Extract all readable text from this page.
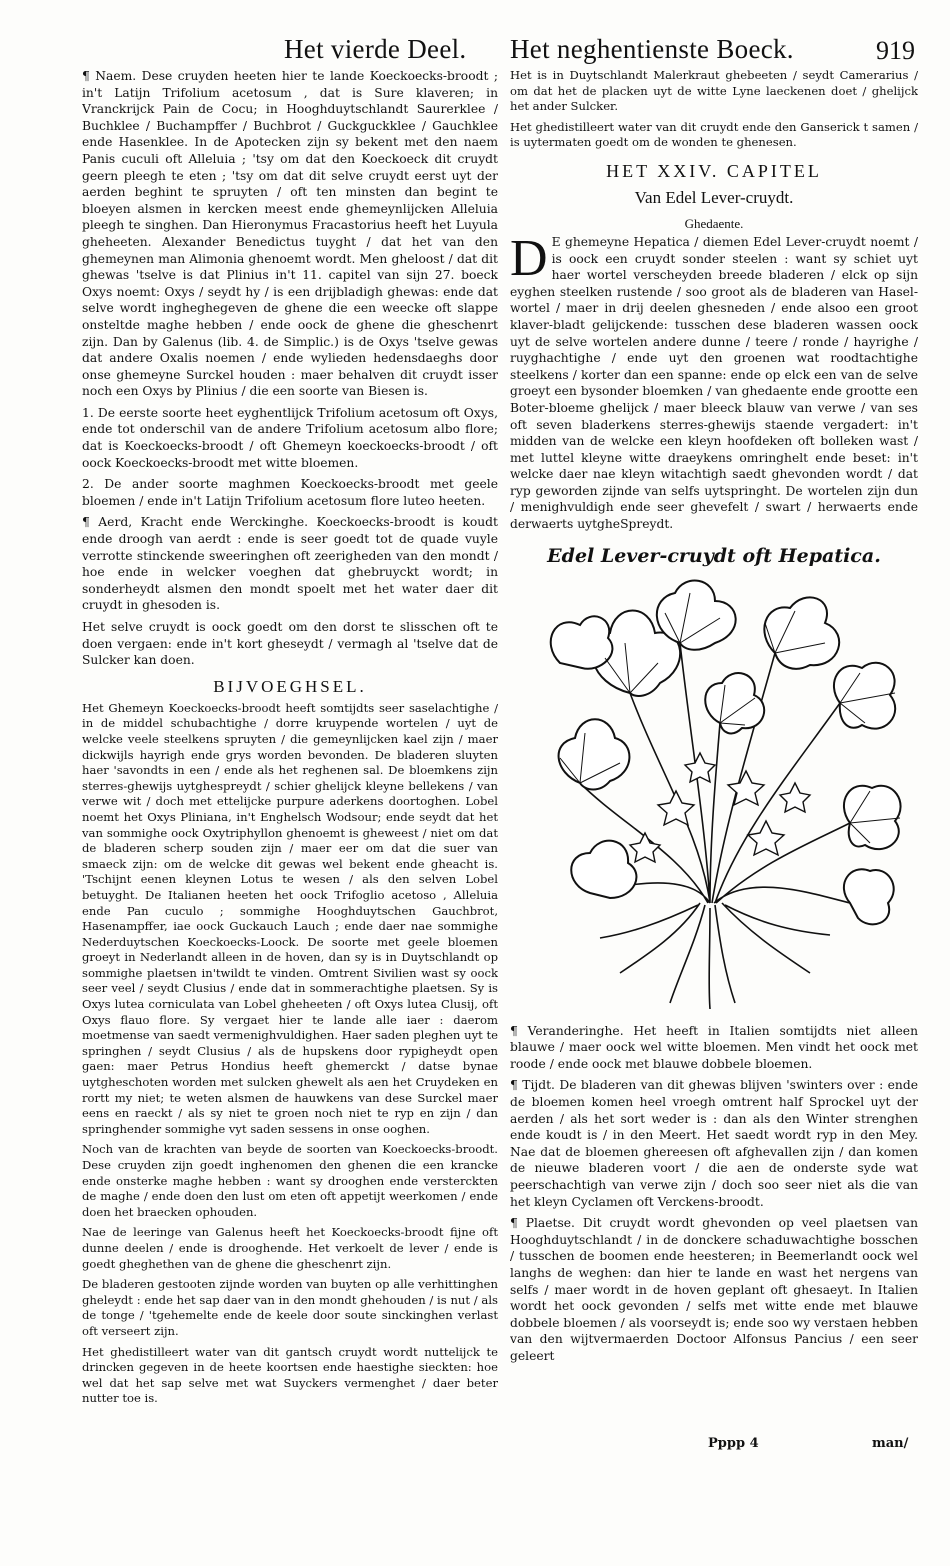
Het vierde Deel. Het neghentienste Boeck.	919

¶ Naem. Dese cruyden heeten hier te lande Koeckoecks-broodt ; in't Latijn Trifolium acetosum , dat is Sure klaveren; in Vranckrijck Pain de Cocu; in Hooghduytschlandt Saurerklee / Buchklee / Buchampffer / Buchbrot / Guckguckklee / Gauchklee ende Hasenklee. In de Apotecken zijn sy bekent met den naem Panis cuculi oft Alleluia ; 'tsy om dat den Koeckoeck dit cruydt geern pleegh te eten ; 'tsy om dat dit selve cruydt eerst uyt der aerden beghint te spruyten / oft ten minsten dan begint te bloeyen alsmen in kercken meest ende ghemeynlijcken Alleluia pleegh te singhen. Dan Hieronymus Fracastorius heeft het Luyula gheheeten. Alexander Benedictus tuyght / dat het van den ghemeynen man Alimonia ghenoemt wordt. Men gheloost / dat dit ghewas 'tselve is dat Plinius in't 11. capitel van sijn 27. boeck Oxys noemt: Oxys / seydt hy / is een drijbladigh ghewas: ende dat selve wordt ingheghegeven de ghene die een weecke oft slappe onsteltde maghe hebben / ende oock de ghene die gheschenrt zijn. Dan by Galenus (lib. 4. de Simplic.) is de Oxys 'tselve gewas dat andere Oxalis noemen / ende wylieden hedensdaeghs door onse ghemeyne Surckel houden : maer behalven dit cruydt isser noch een Oxys by Plinius / die een soorte van Biesen is.

1. De eerste soorte heet eyghentlijck Trifolium acetosum oft Oxys, ende tot onderschil van de andere Trifolium acetosum albo flore; dat is Koeckoecks-broodt / oft Ghemeyn koeckoecks-broodt / oft oock Koeckoecks-broodt met witte bloemen.

2. De ander soorte maghmen Koeckoecks-broodt met geele bloemen / ende in't Latijn Trifolium acetosum flore luteo heeten.

¶ Aerd, Kracht ende Werckinghe. Koeckoecks-broodt is koudt ende droogh van aerdt : ende is seer goedt tot de quade vuyle verrotte stinckende sweeringhen oft zeerigheden van den mondt / hoe ende in welcker voeghen dat ghebruyckt wordt; in sonderheydt alsmen den mondt spoelt met het water daer dit cruydt in ghesoden is.

Het selve cruydt is oock goedt om den dorst te slisschen oft te doen vergaen: ende in't kort gheseydt / vermagh al 'tselve dat de Sulcker kan doen.

BIJVOEGHSEL.

Het Ghemeyn Koeckoecks-broodt heeft somtijdts seer saselachtighe / in de middel schubachtighe / dorre kruypende wortelen / uyt de welcke veele steelkens spruyten / die gemeynlijcken kael zijn / maer dickwijls hayrigh ende grys worden bevonden. De bladeren sluyten haer 'savondts in een / ende als het reghenen sal. De bloemkens zijn sterres-ghewijs uytghespreydt / schier ghelijck kleyne bellekens / van verwe wit / doch met ettelijcke purpure aderkens doortoghen. Lobel noemt het Oxys Pliniana, in't Enghelsch Wodsour; ende seydt dat het van sommighe oock Oxytriphyllon ghenoemt is gheweest / niet om dat de bladeren scherp souden zijn / maer eer om dat die suer van smaeck zijn: om de welcke dit gewas wel bekent ende gheacht is. 'Tschijnt eenen kleynen Lotus te wesen / als den selven Lobel betuyght. De Italianen heeten het oock Trifoglio acetoso , Alleluia ende Pan cuculo ; sommighe Hooghduytschen Gauchbrot, Hasenampffer, iae oock Guckauch Lauch ; ende daer nae sommighe Nederduytschen Koeckoecks-Loock. De soorte met geele bloemen groeyt in Nederlandt alleen in de hoven, dan sy is in Duytschlandt op sommighe plaetsen in'twildt te vinden. Omtrent Sivilien wast sy oock seer veel / seydt Clusius / ende dat in sommerachtighe plaetsen. Sy is Oxys lutea corniculata van Lobel gheheeten / oft Oxys lutea Clusij, oft Oxys flauo flore. Sy vergaet hier te lande alle iaer : daerom moetmense van saedt vermenighvuldighen. Haer saden pleghen uyt te springhen / seydt Clusius / als de hupskens door rypigheydt open gaen: maer Petrus Hondius heeft ghemerckt / datse bynae uytgheschoten worden met sulcken ghewelt als aen het Cruydeken en rortt my niet; te weten alsmen de hauwkens van dese Surckel maer eens en raeckt / als sy niet te groen noch niet te ryp en zijn / dan springhender sommighe vyt saden sessens in onse ooghen.

Noch van de krachten van beyde de soorten van Koeckoecks-broodt. Dese cruyden zijn goedt inghenomen den ghenen die een krancke ende onsterke maghe hebben : want sy drooghen ende versterckten de maghe / ende doen den lust om eten oft appetijt weerkomen / ende doen het braecken ophouden.

Nae de leeringe van Galenus heeft het Koeckoecks-broodt fijne oft dunne deelen / ende is drooghende. Het verkoelt de lever / ende is goedt gheghethen van de ghene die gheschenrt zijn.

De bladeren gestooten zijnde worden van buyten op alle verhittinghen gheleydt : ende het sap daer van in den mondt ghehouden / is nut / als de tonge / 'tgehemelte ende de keele door soute sinckinghen verlast oft verseert zijn.

Het ghedistilleert water van dit gantsch cruydt wordt nuttelijck te drincken gegeven in de heete koortsen ende haestighe sieckten: hoe wel dat het sap selve met wat Suyckers vermenghet / daer beter nutter toe is.

Het is in Duytschlandt Malerkraut ghebeeten / seydt Camerarius / om dat het de placken uyt de witte Lyne laeckenen doet / ghelijck het ander Sulcker.

Het ghedistilleert water van dit cruydt ende den Ganserick t samen / is uytermaten goedt om de wonden te ghenesen.

HET XXIV. CAPITEL
Van Edel Lever-cruydt.
Ghedaente.

D E ghemeyne Hepatica / diemen Edel Lever-cruydt noemt / is oock een cruydt sonder steelen : want sy schiet uyt haer wortel verscheyden breede bladeren / elck op sijn eyghen steelken rustende / soo groot als de bladeren van Hasel-wortel / maer in drij deelen ghesneden / ende alsoo een groot klaver-bladt gelijckende: tusschen dese bladeren wassen oock uyt de selve wortelen andere dunne / teere / ronde / hayrighe / ruyghachtighe / ende uyt den groenen wat roodtachtighe steelkens / korter dan een spanne: ende op elck een van de selve groeyt een bysonder bloemken / van ghedaente ende grootte een Boter-bloeme ghelijck / maer bleeck blauw van verwe / van ses oft seven bladerkens sterres-ghewijs staende vergadert: in't midden van de welcke een kleyn hoofdeken oft bolleken wast / met luttel kleyne witte draeykens omringhelt ende beset: in't welcke daer nae kleyn witachtigh saedt ghevonden wordt / dat ryp geworden zijnde van selfs uytspringht. De wortelen zijn dun / menighvuldigh ende seer ghevefelt / swart / herwaerts ende derwaerts uytgheSpreydt.

Edel Lever-cruydt oft Hepatica.

¶ Veranderinghe. Het heeft in Italien somtijdts niet alleen blauwe / maer oock wel witte bloemen. Men vindt het oock met roode / ende oock met blauwe dobbele bloemen.

¶ Tijdt. De bladeren van dit ghewas blijven 'swinters over : ende de bloemen komen heel vroegh omtrent half Sprockel uyt der aerden / als het sort weder is : dan als den Winter strenghen ende koudt is / in den Meert. Het saedt wordt ryp in den Mey. Nae dat de bloemen ghereesen oft afghevallen zijn / dan komen de nieuwe bladeren voort / die aen de onderste syde wat peerschachtigh van verwe zijn / doch soo seer niet als die van het kleyn Cyclamen oft Verckens-broodt.

¶ Plaetse. Dit cruydt wordt ghevonden op veel plaetsen van Hooghduytschlandt / in de donckere schaduwachtighe bosschen / tusschen de boomen ende heesteren; in Beemerlandt oock wel langhs de weghen: dan hier te lande en wast het nergens van selfs / maer wordt in de hoven geplant oft ghesaeyt. In Italien wordt het oock gevonden / selfs met witte ende met blauwe dobbele bloemen / als voorseydt is; ende soo wy verstaen hebben van den wijtvermaerden Doctoor Alfonsus Pancius / een seer geleert

Pppp 4	man/
